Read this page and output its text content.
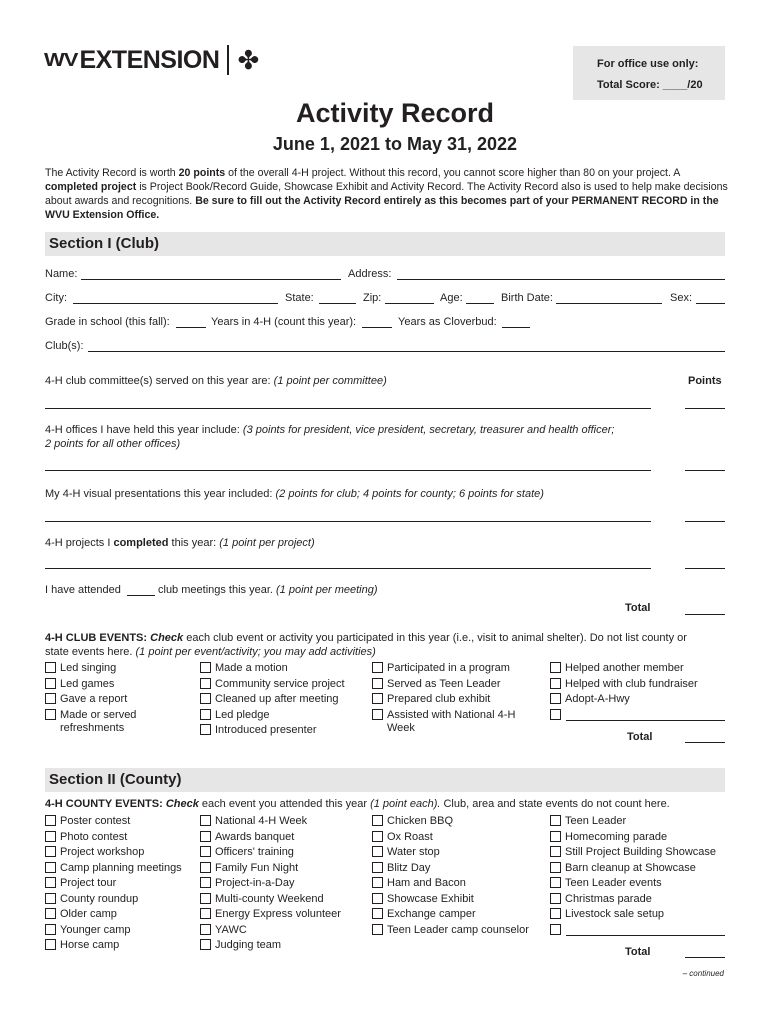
WV EXTENSION ✤	For office use only:
Total Score: ____/20
Activity Record
June 1, 2021 to May 31, 2022
The Activity Record is worth 20 points of the overall 4-H project. Without this record, you cannot score higher than 80 on your project. A completed project is Project Book/Record Guide, Showcase Exhibit and Activity Record. The Activity Record also is used to help make decisions about awards and recognitions. Be sure to fill out the Activity Record entirely as this becomes part of your PERMANENT RECORD in the WVU Extension Office.
Section I (Club)
Name:	Address:
City:	State:	Zip:	Age:	Birth Date:	Sex:
Grade in school (this fall):	Years in 4-H (count this year):	Years as Cloverbud:
Club(s):
4-H club committee(s) served on this year are: (1 point per committee)	Points
4-H offices I have held this year include: (3 points for president, vice president, secretary, treasurer and health officer;
2 points for all other offices)
My 4-H visual presentations this year included: (2 points for club; 4 points for county; 6 points for state)
4-H projects I completed this year: (1 point per project)
I have attended	club meetings this year. (1 point per meeting)
Total
4-H CLUB EVENTS: Check each club event or activity you participated in this year (i.e., visit to animal shelter). Do not list county or
state events here. (1 point per event/activity; you may add activities)
Led singing
Led games
Gave a report
Made or served
refreshments
Made a motion
Community service project
Cleaned up after meeting
Led pledge
Introduced presenter
Participated in a program
Served as Teen Leader
Prepared club exhibit
Assisted with National 4-H
Week
Helped another member
Helped with club fundraiser
Adopt-A-Hwy
Total
Section II (County)
4-H COUNTY EVENTS: Check each event you attended this year (1 point each). Club, area and state events do not count here.
Poster contest
Photo contest
Project workshop
Camp planning meetings
Project tour
County roundup
Older camp
Younger camp
Horse camp
National 4-H Week
Awards banquet
Officers' training
Family Fun Night
Project-in-a-Day
Multi-county Weekend
Energy Express volunteer
YAWC
Judging team
Chicken BBQ
Ox Roast
Water stop
Blitz Day
Ham and Bacon
Showcase Exhibit
Exchange camper
Teen Leader camp counselor
Teen Leader
Homecoming parade
Still Project Building Showcase
Barn cleanup at Showcase
Teen Leader events
Christmas parade
Livestock sale setup
Total
– continued
